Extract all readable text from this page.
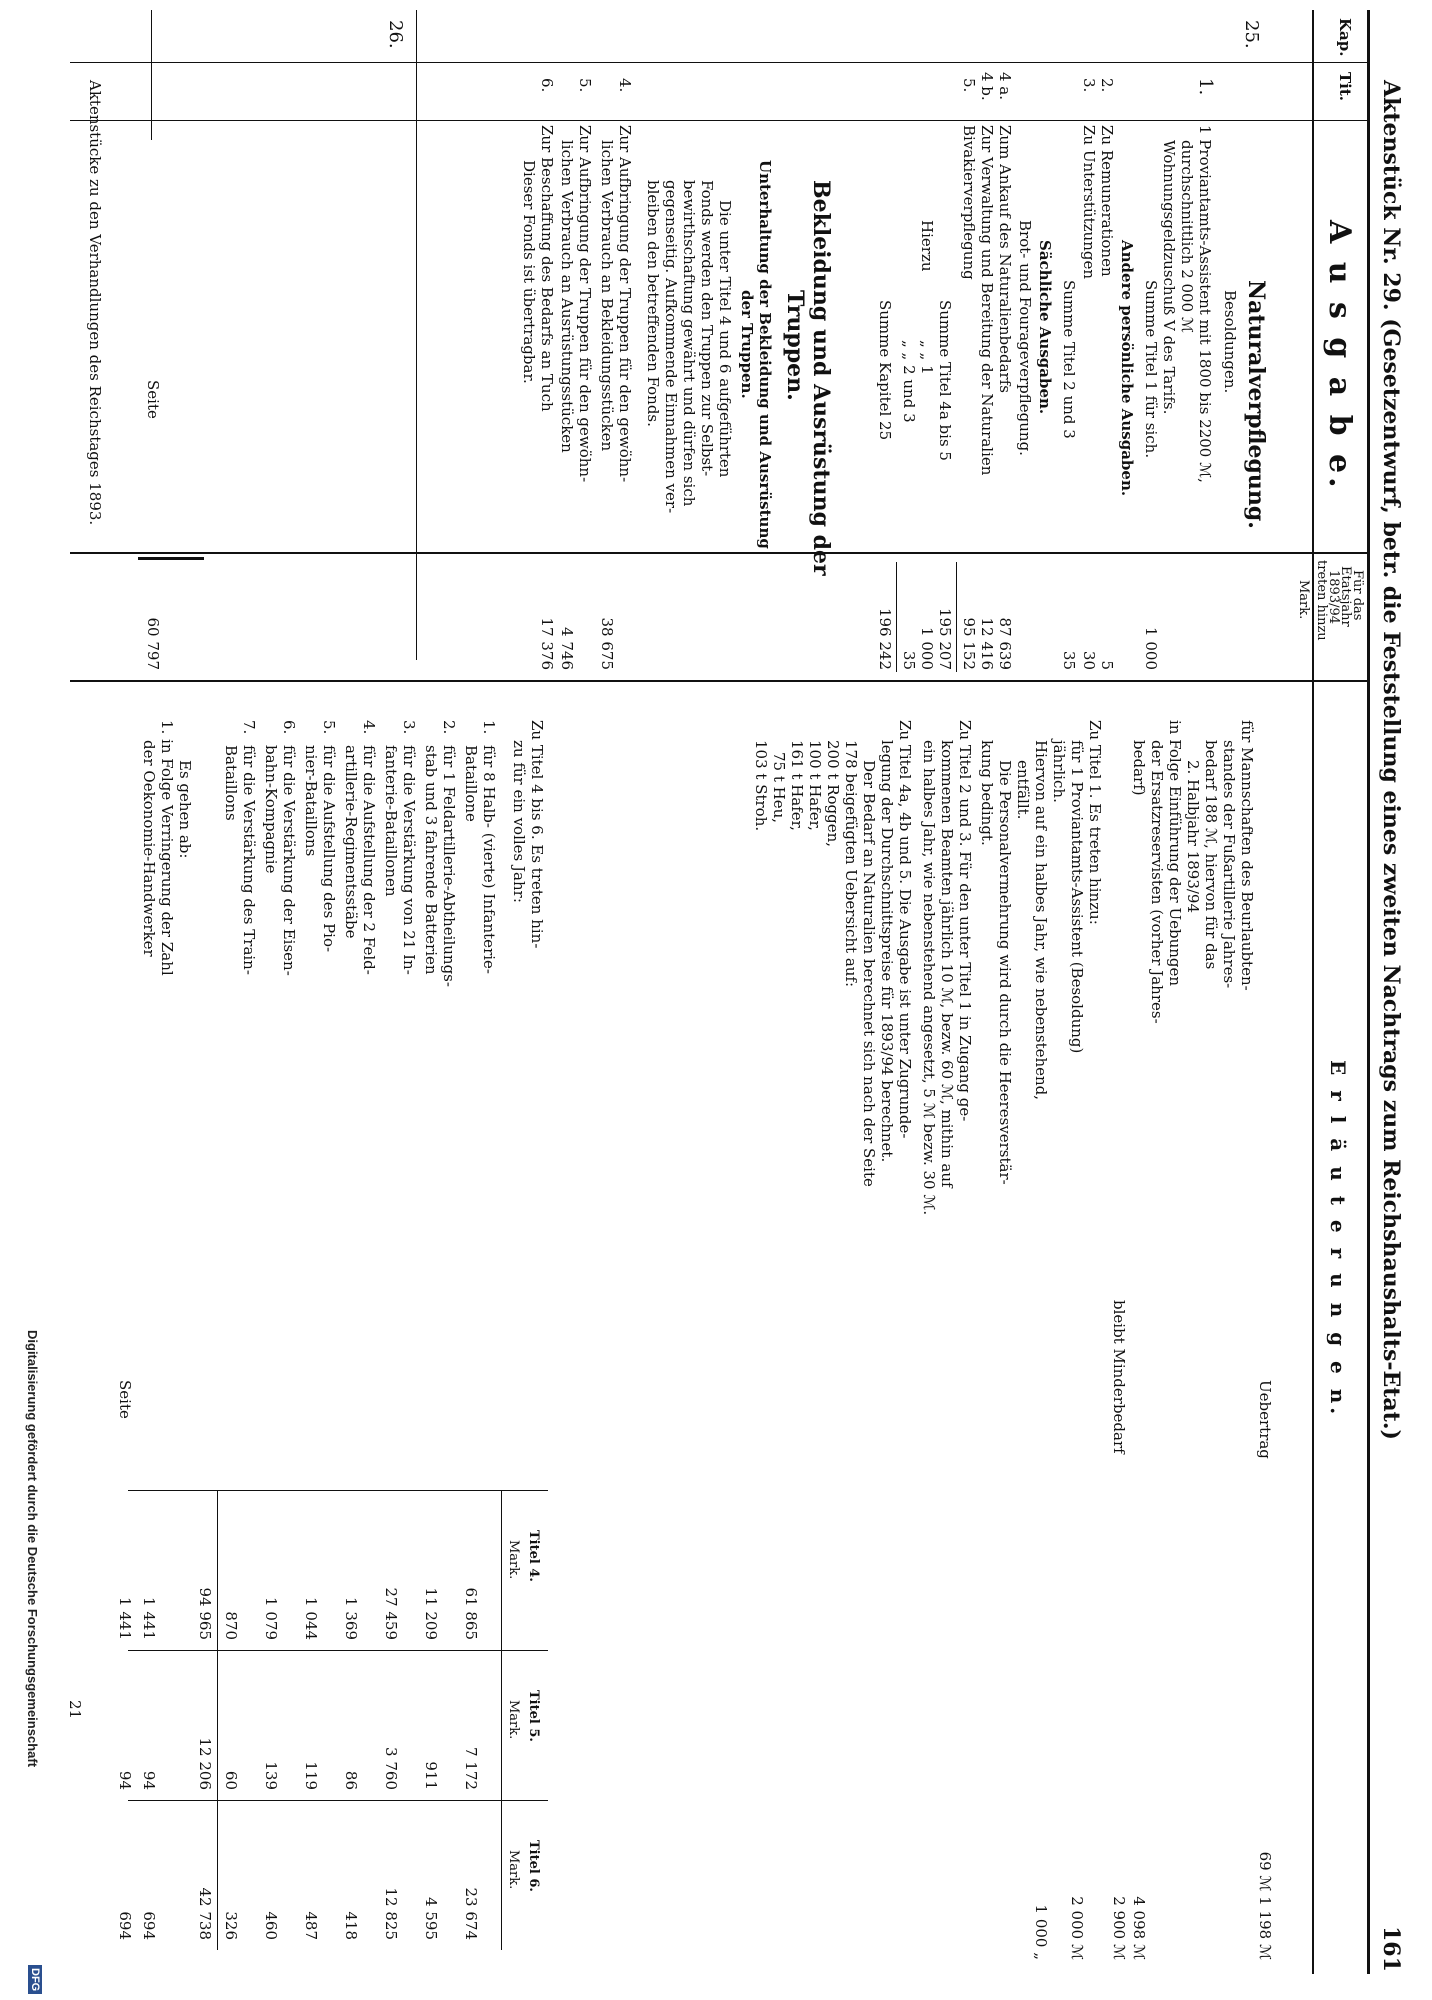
Aktenstück Nr. 29. (Gesetzentwurf, betr. die Feststellung eines zweiten Nachtrags zum Reichshaushalts-Etat.)
161
Kap.
Tit.
A u s g a b e.
Für das
Etatsjahr
1893/94
treten hinzu
Mark.
E r l ä u t e r u n g e n.
25.
Naturalverpflegung.
Besoldungen.
1.
1 Proviantamts-Assistent mit 1800 bis 2200 ℳ,
durchschnittlich 2 000 ℳ
Wohnungsgeldzuschuß V des Tarifs.
Summe Titel 1 für sich.
1 000
Andere persönliche Ausgaben.
2.
Zu Remunerationen
5
3.
Zu Unterstützungen
30
Summe Titel 2 und 3
35
Sächliche Ausgaben.
Brot- und Fourageverpflegung.
4 a.
Zum Ankauf des Naturalienbedarfs
87 639
4 b.
Zur Verwaltung und Bereitung der Naturalien
12 416
5.
Bivakierverpflegung
95 152
Summe Titel 4a bis 5
195 207
Hierzu
„ „ 1
1 000
„ „ 2 und 3
35
Summe Kapitel 25
196 242
26.
Bekleidung und Ausrüstung der
Truppen.
Unterhaltung der Bekleidung und Ausrüstung
der Truppen.
Die unter Titel 4 und 6 aufgeführten
Fonds werden den Truppen zur Selbst-
bewirthschaftung gewährt und dürfen sich
gegenseitig. Aufkommende Einnahmen ver-
bleiben den betreffenden Fonds.
4.
Zur Aufbringung der Truppen für den gewöhn-
lichen Verbrauch an Bekleidungsstücken
38 675
5.
Zur Aufbringung der Truppen für den gewöhn-
lichen Verbrauch an Ausrüstungsstücken
4 746
6.
Zur Beschaffung des Bedarfs an Tuch
Dieser Fonds ist übertragbar.
17 376
Seite
60 797
Uebertrag
69 ℳ 1 198 ℳ
für Mannschaften des Beurlaubten-
standes der Fußartillerie Jahres-
bedarf 188 ℳ, hiervon für das
2. Halbjahr 1893/94
in Folge Einführung der Uebungen
der Ersatzreservisten (vorher Jahres-
bedarf)
4 098 ℳ
bleibt Minderbedarf
2 900 ℳ
Zu Titel 1. Es treten hinzu:
für 1 Proviantamts-Assistent (Besoldung)
2 000 ℳ
jährlich.
Hiervon auf ein halbes Jahr, wie nebenstehend,
1 000 „
entfällt.
Die Personalvermehrung wird durch die Heeresverstär-
kung bedingt.
Zu Titel 2 und 3. Für den unter Titel 1 in Zugang ge-
kommenen Beamten jährlich 10 ℳ, bezw. 60 ℳ, mithin auf
ein halbes Jahr, wie nebenstehend angesetzt, 5 ℳ bezw. 30 ℳ.
Zu Titel 4a, 4b und 5. Die Ausgabe ist unter Zugrunde-
legung der Durchschnittspreise für 1893/94 berechnet.
Der Bedarf an Naturalien berechnet sich nach der Seite
178 beigefügten Uebersicht auf:
200 t Roggen,
100 t Hafer,
161 t Hafer,
75 t Heu,
103 t Stroh.
Zu Titel 4 bis 6. Es treten hin-
zu für ein volles Jahr:
Titel 4.
Titel 5.
Titel 6.
Mark.
Mark.
Mark.
1.
für 8 Halb- (vierte) Infanterie-
Bataillone
61 865
7 172
23 674
2.
für 1 Feldartillerie-Abtheilungs-
stab und 3 fahrende Batterien
11 209
911
4 595
3.
für die Verstärkung von 21 In-
fanterie-Bataillonen
27 459
3 760
12 825
4.
für die Aufstellung der 2 Feld-
artillerie-Regimentsstäbe
1 369
86
418
5.
für die Aufstellung des Pio-
nier-Bataillons
1 044
119
487
6.
für die Verstärkung der Eisen-
bahn-Kompagnie
1 079
139
460
7.
für die Verstärkung des Train-
Bataillons
870
60
326
94 965
12 206
42 738
Es gehen ab:
1. in Folge Verringerung der Zahl
der Oekonomie-Handwerker
1 441
94
694
Seite
1 441
94
694
Aktenstücke zu den Verhandlungen des Reichstages 1893.
21
Digitalisierung gefördert durch die Deutsche Forschungsgemeinschaft
DFG
